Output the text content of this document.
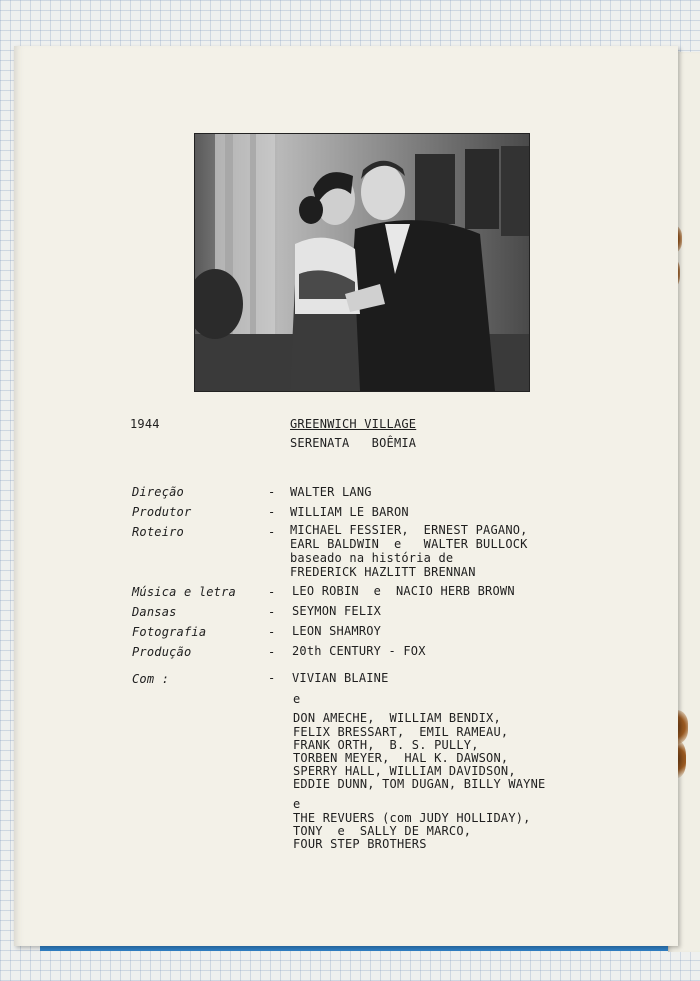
1944	GREENWICH VILLAGE
SERENATA   BOÊMIA
Direção	- WALTER LANG
Produtor	- WILLIAM LE BARON
Roteiro	- MICHAEL FESSIER,  ERNEST PAGANO,
EARL BALDWIN  e   WALTER BULLOCK
baseado na história de
FREDERICK HAZLITT BRENNAN
Música e letra	- LEO ROBIN  e  NACIO HERB BROWN
Dansas	- SEYMON FELIX
Fotografia	- LEON SHAMROY
Produção	- 20th CENTURY - FOX
Com :	- VIVIAN BLAINE
e
DON AMECHE,  WILLIAM BENDIX,
FELIX BRESSART,  EMIL RAMEAU,
FRANK ORTH,  B. S. PULLY,
TORBEN MEYER,  HAL K. DAWSON,
SPERRY HALL, WILLIAM DAVIDSON,
EDDIE DUNN, TOM DUGAN, BILLY WAYNE
e
THE REVUERS (com JUDY HOLLIDAY),
TONY  e  SALLY DE MARCO,
FOUR STEP BROTHERS
